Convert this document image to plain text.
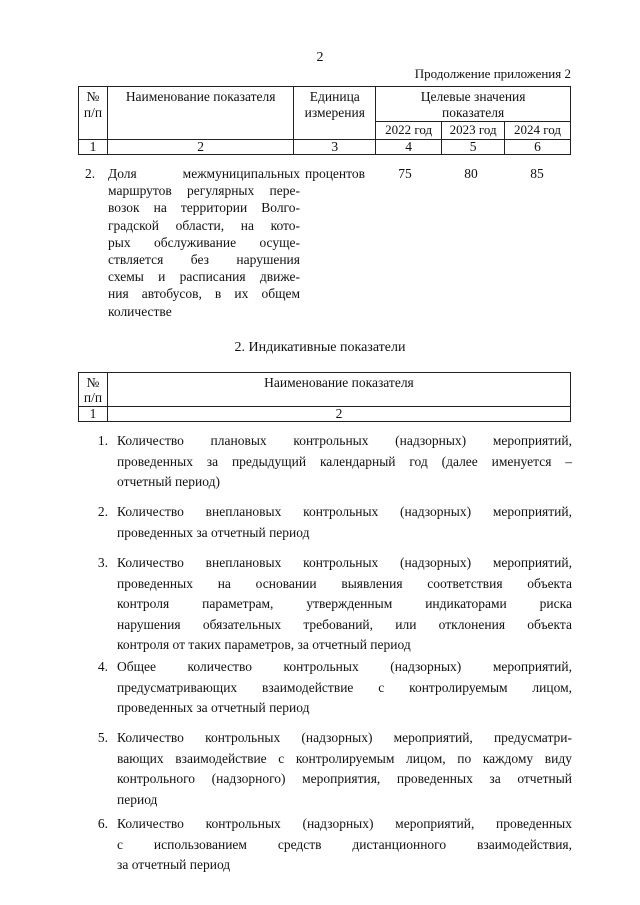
2
Продолжение приложения 2
№
п/п	Наименование показателя	Единица
измерения	Целевые значения
показателя		
			2022 год	2023 год	2024 год
1	2	3	4	5	6
2. Доля межмуниципальных
маршрутов регулярных пере-
возок на территории Волго-
градской области, на кото-
рых обслуживание осуще-
ствляется без нарушения
схемы и расписания движе-
ния автобусов, в их общем
количестве
процентов	75	80	85
2. Индикативные показатели
№
п/п	Наименование показателя
1	2
1. Количество плановых контрольных (надзорных) мероприятий,
проведенных за предыдущий календарный год (далее именуется –
отчетный период)
2. Количество внеплановых контрольных (надзорных) мероприятий,
проведенных за отчетный период
3. Количество внеплановых контрольных (надзорных) мероприятий,
проведенных на основании выявления соответствия объекта
контроля параметрам, утвержденным индикаторами риска
нарушения обязательных требований, или отклонения объекта
контроля от таких параметров, за отчетный период
4. Общее количество контрольных (надзорных) мероприятий,
предусматривающих взаимодействие с контролируемым лицом,
проведенных за отчетный период
5. Количество контрольных (надзорных) мероприятий, предусматри-
вающих взаимодействие с контролируемым лицом, по каждому виду
контрольного (надзорного) мероприятия, проведенных за отчетный
период
6. Количество контрольных (надзорных) мероприятий, проведенных
с использованием средств дистанционного взаимодействия,
за отчетный период
